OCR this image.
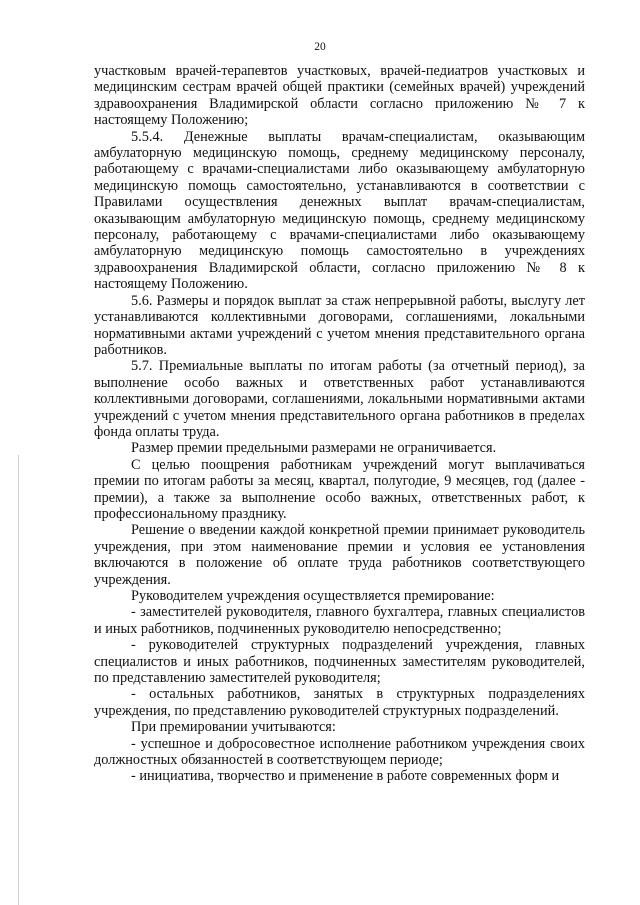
20

участковым врачей-терапевтов участковых, врачей-педиатров участковых и медицинским сестрам врачей общей практики (семейных врачей) учреждений здравоохранения Владимирской области согласно приложению № 7 к настоящему Положению;

5.5.4. Денежные выплаты врачам-специалистам, оказывающим амбулаторную медицинскую помощь, среднему медицинскому персоналу, работающему с врачами-специалистами либо оказывающему амбулаторную медицинскую помощь самостоятельно, устанавливаются в соответствии с Правилами осуществления денежных выплат врачам-специалистам, оказывающим амбулаторную медицинскую помощь, среднему медицинскому персоналу, работающему с врачами-специалистами либо оказывающему амбулаторную медицинскую помощь самостоятельно в учреждениях здравоохранения Владимирской области, согласно приложению № 8 к настоящему Положению.

5.6. Размеры и порядок выплат за стаж непрерывной работы, выслугу лет устанавливаются коллективными договорами, соглашениями, локальными нормативными актами учреждений с учетом мнения представительного органа работников.

5.7. Премиальные выплаты по итогам работы (за отчетный период), за выполнение особо важных и ответственных работ устанавливаются коллективными договорами, соглашениями, локальными нормативными актами учреждений с учетом мнения представительного органа работников в пределах фонда оплаты труда.

Размер премии предельными размерами не ограничивается.

С целью поощрения работникам учреждений могут выплачиваться премии по итогам работы за месяц, квартал, полугодие, 9 месяцев, год (далее - премии), а также за выполнение особо важных, ответственных работ, к профессиональному празднику.

Решение о введении каждой конкретной премии принимает руководитель учреждения, при этом наименование премии и условия ее установления включаются в положение об оплате труда работников соответствующего учреждения.

Руководителем учреждения осуществляется премирование:

- заместителей руководителя, главного бухгалтера, главных специалистов и иных работников, подчиненных руководителю непосредственно;

- руководителей структурных подразделений учреждения, главных специалистов и иных работников, подчиненных заместителям руководителей, по представлению заместителей руководителя;

- остальных работников, занятых в структурных подразделениях учреждения, по представлению руководителей структурных подразделений.

При премировании учитываются:

- успешное и добросовестное исполнение работником учреждения своих должностных обязанностей в соответствующем периоде;

- инициатива, творчество и применение в работе современных форм и
